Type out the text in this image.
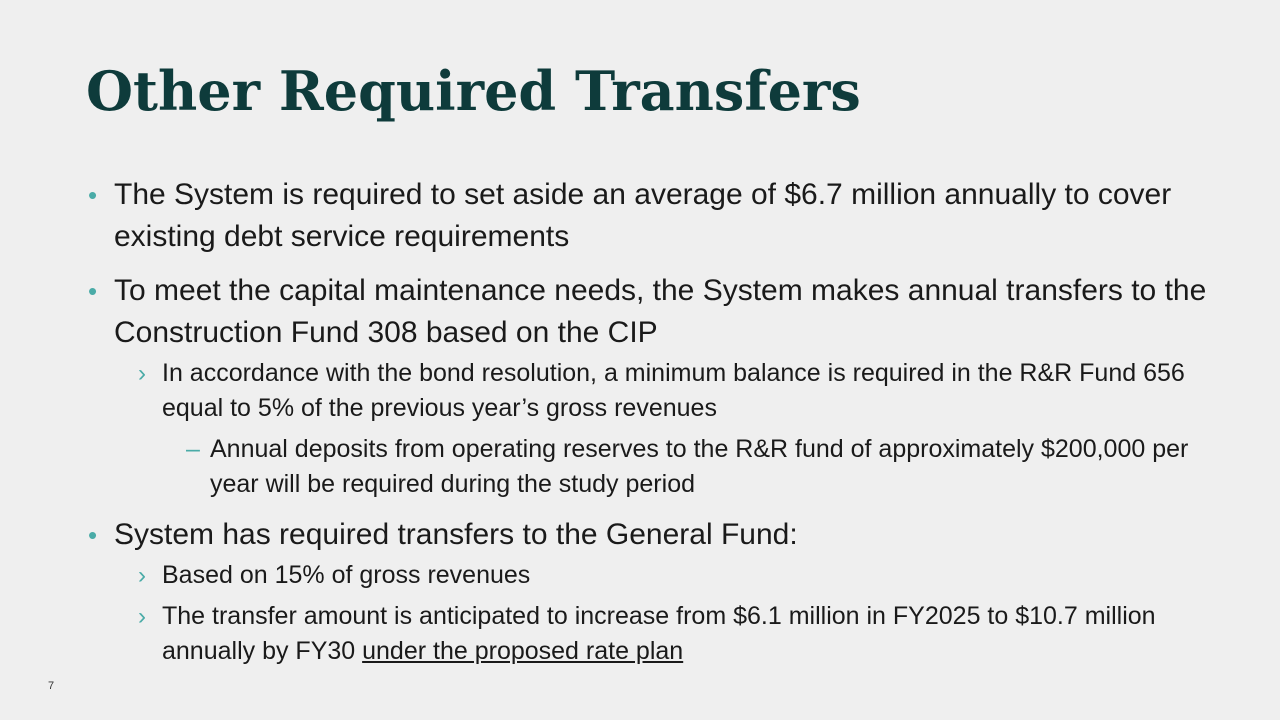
Other Required Transfers
• The System is required to set aside an average of $6.7 million annually to cover existing debt service requirements
• To meet the capital maintenance needs, the System makes annual transfers to the Construction Fund 308 based on the CIP
› In accordance with the bond resolution, a minimum balance is required in the R&R Fund 656 equal to 5% of the previous year’s gross revenues
– Annual deposits from operating reserves to the R&R fund of approximately $200,000 per year will be required during the study period
• System has required transfers to the General Fund:
› Based on 15% of gross revenues
› The transfer amount is anticipated to increase from $6.1 million in FY2025 to $10.7 million annually by FY30 under the proposed rate plan
7
